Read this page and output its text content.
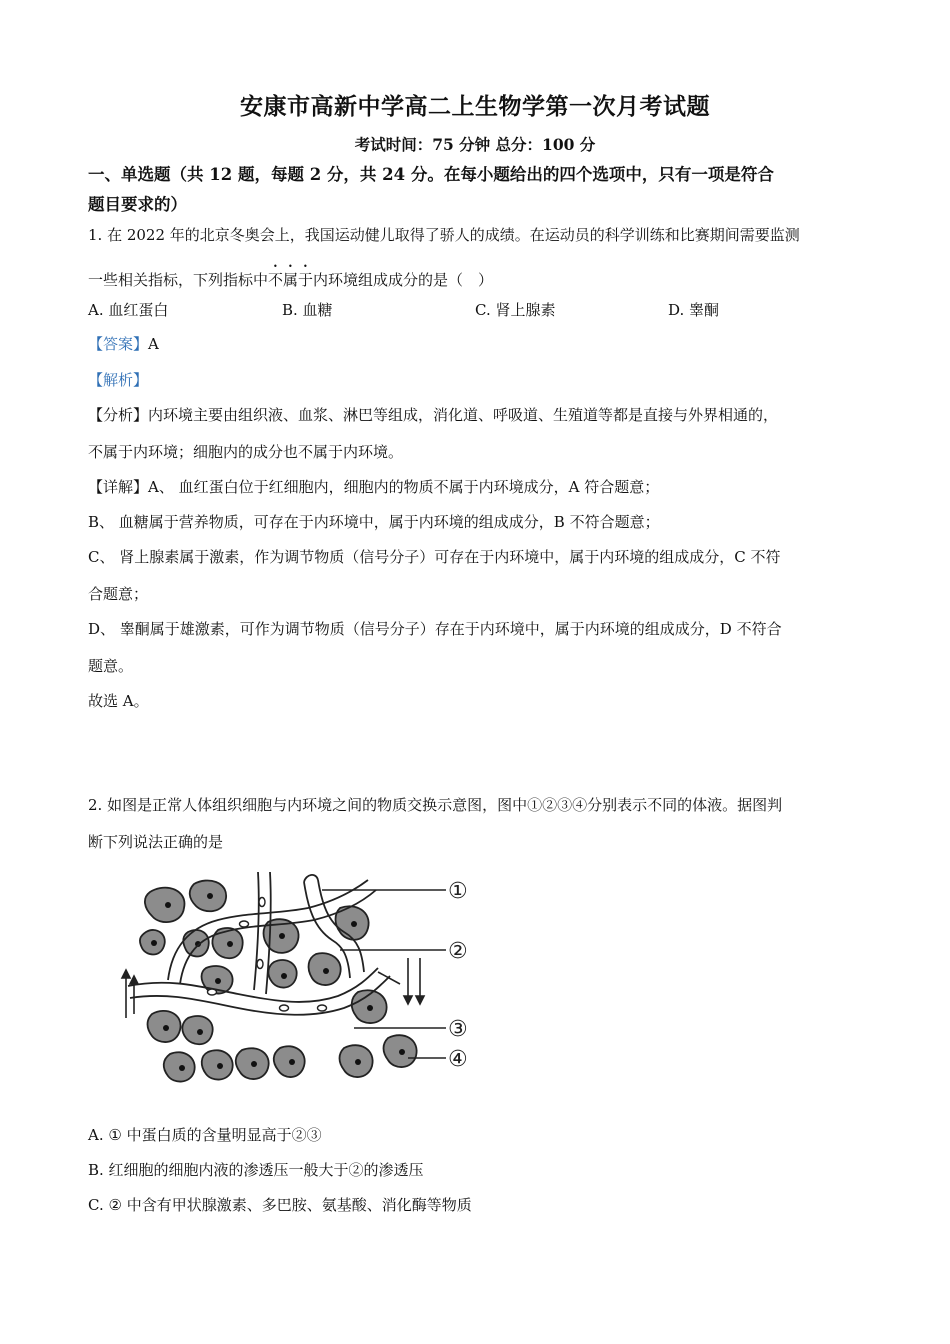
安康市高新中学高二上生物学第一次月考试题
考试时间：75 分钟 总分：100 分
一、单选题（共 12 题，每题 2 分，共 24 分。在每小题给出的四个选项中，只有一项是符合
题目要求的）
1. 在 2022 年的北京冬奥会上，我国运动健儿取得了骄人的成绩。在运动员的科学训练和比赛期间需要监测
一些相关指标，下列指标中不属于内环境组成成分的是（　）
A. 血红蛋白	B. 血糖	C. 肾上腺素	D. 睾酮
【答案】A
【解析】
【分析】内环境主要由组织液、血浆、淋巴等组成，消化道、呼吸道、生殖道等都是直接与外界相通的，
不属于内环境；细胞内的成分也不属于内环境。
【详解】A、 血红蛋白位于红细胞内，细胞内的物质不属于内环境成分，A 符合题意；
B、 血糖属于营养物质，可存在于内环境中，属于内环境的组成成分，B 不符合题意；
C、 肾上腺素属于激素，作为调节物质（信号分子）可存在于内环境中，属于内环境的组成成分，C 不符
合题意；
D、 睾酮属于雄激素，可作为调节物质（信号分子）存在于内环境中，属于内环境的组成成分，D 不符合
题意。
故选 A。
2. 如图是正常人体组织细胞与内环境之间的物质交换示意图，图中①②③④分别表示不同的体液。据图判
断下列说法正确的是
①
②
③
④
A. ① 中蛋白质的含量明显高于②③
B. 红细胞的细胞内液的渗透压一般大于②的渗透压
C. ② 中含有甲状腺激素、多巴胺、氨基酸、消化酶等物质
